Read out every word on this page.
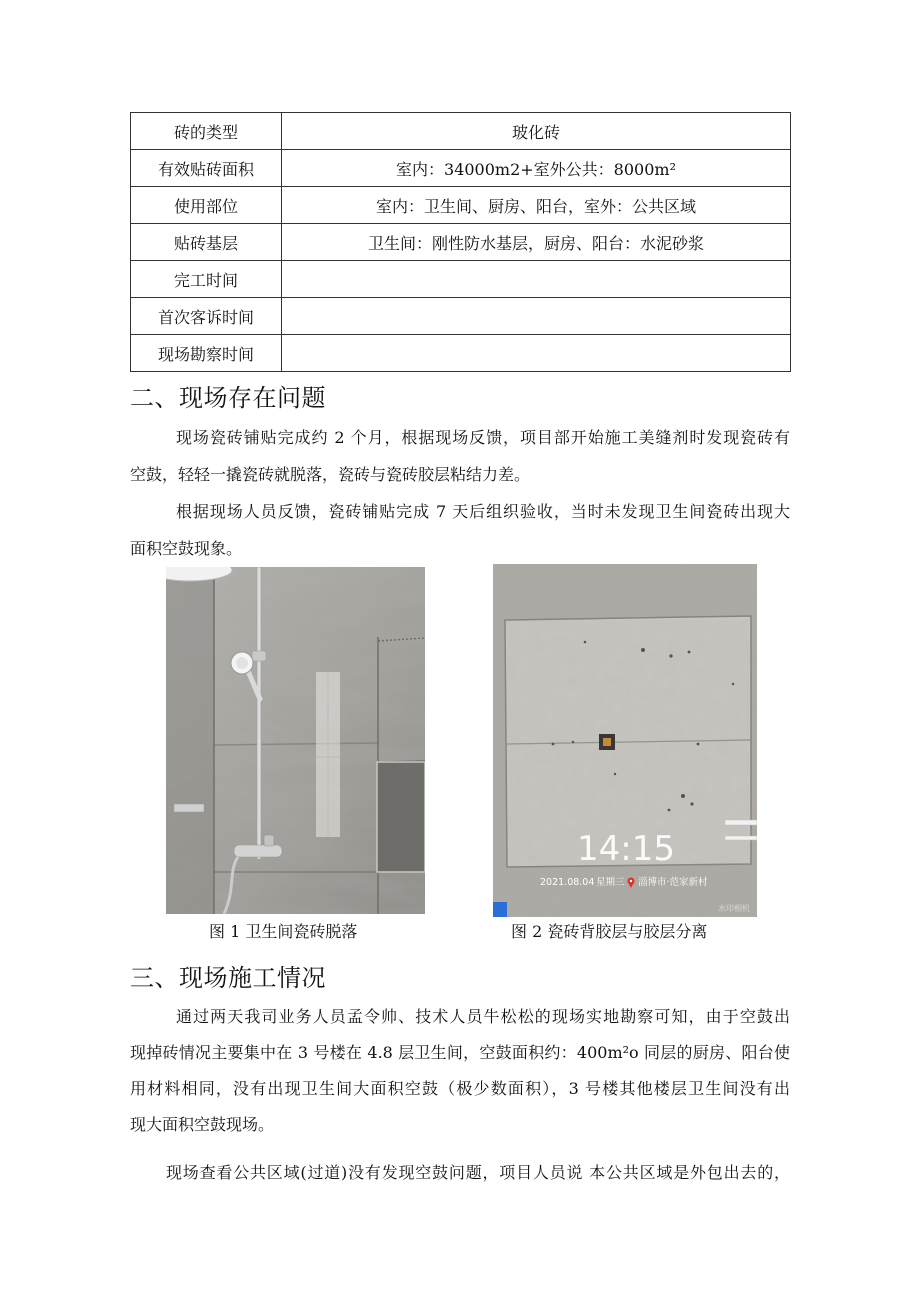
砖的类型	玻化砖
有效贴砖面积	室内：34000m2+室外公共：8000m²
使用部位	室内：卫生间、厨房、阳台，室外：公共区域
贴砖基层	卫生间：刚性防水基层，厨房、阳台：水泥砂浆
完工时间	
首次客诉时间	
现场勘察时间	
二、现场存在问题
现场瓷砖铺贴完成约 2 个月，根据现场反馈，项目部开始施工美缝剂时发现瓷砖有
空鼓，轻轻一撬瓷砖就脱落，瓷砖与瓷砖胶层粘结力差。
根据现场人员反馈，瓷砖铺贴完成 7 天后组织验收，当时未发现卫生间瓷砖出现大
面积空鼓现象。
14:15
2021.08.04 星期三 淄博市·范家新村
水印相机
图 1 卫生间瓷砖脱落	图 2 瓷砖背胶层与胶层分离
三、现场施工情况
通过两天我司业务人员孟令帅、技术人员牛松松的现场实地勘察可知，由于空鼓出
现掉砖情况主要集中在 3 号楼在 4.8 层卫生间，空鼓面积约：400m²o 同层的厨房、阳台使
用材料相同，没有出现卫生间大面积空鼓（极少数面积），3 号楼其他楼层卫生间没有出
现大面积空鼓现场。
现场查看公共区域(过道)没有发现空鼓问题，项目人员说 本公共区域是外包出去的，
